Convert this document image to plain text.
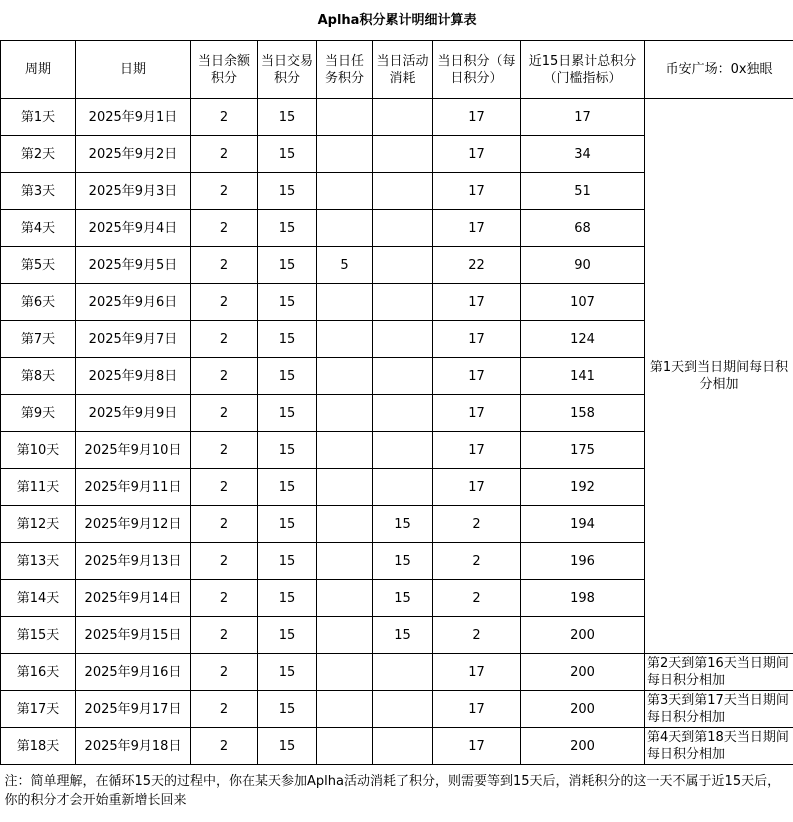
Aplha积分累计明细计算表								
周期	日期	当日余额积分	当日交易积分	当日任务积分	当日活动消耗	当日积分（每日积分）	近15日累计总积分（门槛指标）	币安广场：0x独眼
第1天	2025年9月1日	2	15			17	17	第1天到当日期间每日积分相加
第2天	2025年9月2日	2	15			17	34	
第3天	2025年9月3日	2	15			17	51	
第4天	2025年9月4日	2	15			17	68	
第5天	2025年9月5日	2	15	5		22	90	
第6天	2025年9月6日	2	15			17	107	
第7天	2025年9月7日	2	15			17	124	
第8天	2025年9月8日	2	15			17	141	
第9天	2025年9月9日	2	15			17	158	
第10天	2025年9月10日	2	15			17	175	
第11天	2025年9月11日	2	15			17	192	
第12天	2025年9月12日	2	15		15	2	194	
第13天	2025年9月13日	2	15		15	2	196	
第14天	2025年9月14日	2	15		15	2	198	
第15天	2025年9月15日	2	15		15	2	200	
第16天	2025年9月16日	2	15			17	200	第2天到第16天当日期间每日积分相加
第17天	2025年9月17日	2	15			17	200	第3天到第17天当日期间每日积分相加
第18天	2025年9月18日	2	15			17	200	第4天到第18天当日期间每日积分相加
注：简单理解，在循环15天的过程中，你在某天参加Aplha活动消耗了积分，则需要等到15天后，消耗积分的这一天不属于近15天后，你的积分才会开始重新增长回来								
